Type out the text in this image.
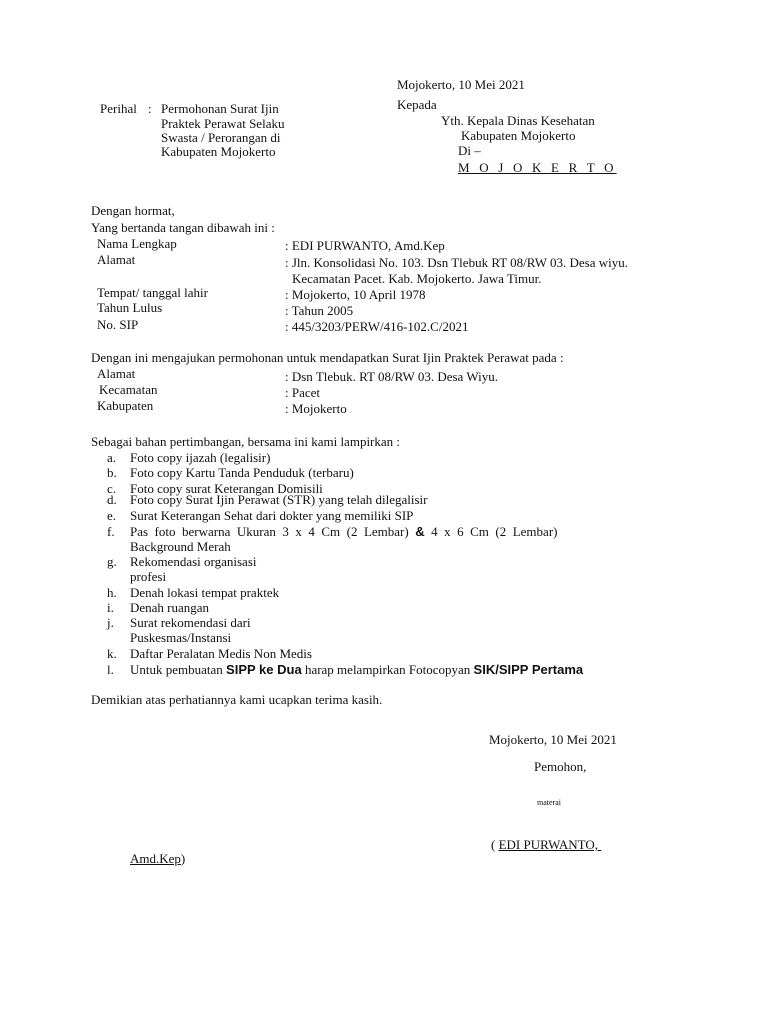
Mojokerto, 10 Mei 2021
Perihal : Permohonan Surat Ijin
Praktek Perawat Selaku
Swasta / Perorangan di
Kabupaten Mojokerto
Kepada
Yth. Kepala Dinas Kesehatan
Kabupaten Mojokerto
Di –
M O J O K E R T O
Dengan hormat,
Yang bertanda tangan dibawah ini :
Nama Lengkap	: EDI PURWANTO, Amd.Kep
Alamat	: Jln. Konsolidasi No. 103. Dsn Tlebuk RT 08/RW 03. Desa wiyu.
Kecamatan Pacet. Kab. Mojokerto. Jawa Timur.
Tempat/ tanggal lahir	: Mojokerto, 10 April 1978
Tahun Lulus	: Tahun 2005
No. SIP	: 445/3203/PERW/416-102.C/2021
Dengan ini mengajukan permohonan untuk mendapatkan Surat Ijin Praktek Perawat pada :
Alamat	: Dsn Tlebuk. RT 08/RW 03. Desa Wiyu.
Kecamatan	: Pacet
Kabupaten	: Mojokerto
Sebagai bahan pertimbangan, bersama ini kami lampirkan :
a. Foto copy ijazah (legalisir)
b. Foto copy Kartu Tanda Penduduk (terbaru)
c. Foto copy surat Keterangan Domisili
d. Foto copy Surat Ijin Perawat (STR) yang telah dilegalisir
e. Surat Keterangan Sehat dari dokter yang memiliki SIP
f. Pas  foto  berwarna  Ukuran  3  x  4  Cm  (2  Lembar)  &  4  x  6  Cm  (2  Lembar)
Background Merah
g. Rekomendasi organisasi
profesi
h. Denah lokasi tempat praktek
i. Denah ruangan
j. Surat rekomendasi dari
Puskesmas/Instansi
k. Daftar Peralatan Medis Non Medis
l. Untuk pembuatan SIPP ke Dua harap melampirkan Fotocopyan SIK/SIPP Pertama
Demikian atas perhatiannya kami ucapkan terima kasih.
Mojokerto, 10 Mei 2021
Pemohon,
materai
( EDI PURWANTO,
Amd.Kep)
